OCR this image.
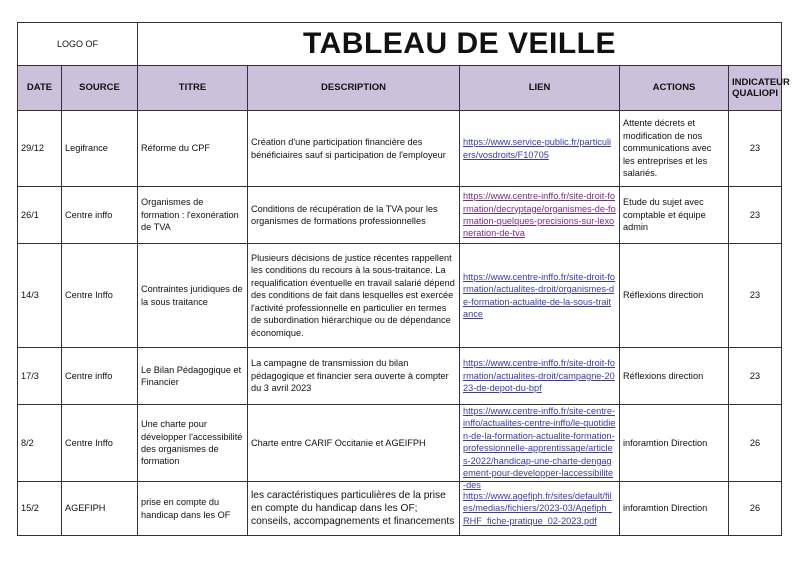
LOGO OF		TABLEAU DE VEILLE				
DATE	SOURCE	TITRE	DESCRIPTION	LIEN	ACTIONS	INDICATEUR
QUALIOPI
29/12	Legifrance	Réforme du CPF	Création d'une participation financière des bénéficiaires sauf si participation de l'employeur	https://www.service-public.fr/particuliers/vosdroits/F10705	Attente décrets et modification de nos communications avec les entreprises et les salariés.	23
26/1	Centre inffo	Organismes de formation : l'exonération de TVA	Conditions de récupération de la TVA pour les organismes de formations professionnelles	https://www.centre-inffo.fr/site-droit-formation/decryptage/organismes-de-formation-quelques-precisions-sur-lexoneration-de-tva	Etude du sujet avec comptable et équipe admin	23
14/3	Centre Inffo	Contraintes juridiques de la sous traitance	Plusieurs décisions de justice récentes rappellent les conditions du recours à la sous-traitance. La requalification éventuelle en travail salarié dépend des conditions de fait dans lesquelles est exercée l'activité professionnelle en particulier en termes de subordination hiérarchique ou de dépendance économique.	https://www.centre-inffo.fr/site-droit-formation/actualites-droit/organismes-de-formation-actualite-de-la-sous-traitance	Réflexions direction	23
17/3	Centre inffo	Le Bilan Pédagogique et Financier	La campagne de transmission du bilan pédagogique et financier sera ouverte à compter du 3 avril 2023	https://www.centre-inffo.fr/site-droit-formation/actualites-droit/campagne-2023-de-depot-du-bpf	Réflexions direction	23
8/2	Centre Inffo	Une charte pour développer l'accessibilité des organismes de formation	Charte entre CARIF Occitanie et AGEIFPH	https://www.centre-inffo.fr/site-centre-inffo/actualites-centre-inffo/le-quotidien-de-la-formation-actualite-formation-professionnelle-apprentissage/articles-2022/handicap-une-charte-dengagement-pour-developper-laccessibilite-des	inforamtion Direction	26
15/2	AGEFIPH	prise en compte du handicap dans les OF	les caractéristiques particulières de la prise en compte du handicap dans les OF; conseils, accompagnements et financements	https://www.agefiph.fr/sites/default/files/medias/fichiers/2023-03/Agefiph_RHF_fiche-pratique_02-2023.pdf	inforamtion Direction	26
